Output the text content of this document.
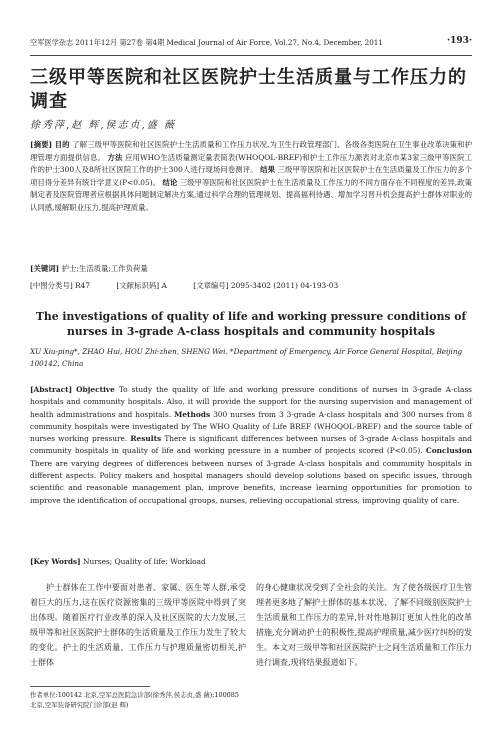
空军医学杂志 2011年12月 第27卷 第4期 Medical Journal of Air Force, Vol.27, No.4, December, 2011	·193·
三级甲等医院和社区医院护士生活质量与工作压力的调查
徐秀萍,赵 辉,侯志贞,盛 薇
[摘要] 目的 了解三级甲等医院和社区医院护士生活质量和工作压力状况,为卫生行政管理部门、各级各类医院在卫生事业改革决策和护理管理方面提供信息。 方法 应用WHO生活质量测定量表简表(WHOQOL-BREF)和护士工作压力源表对北京市某3家三级甲等医院工作的护士300人及8所社区医院工作的护士300人进行现场问卷测评。 结果 三级甲等医院和社区医院护士在生活质量及工作压力的多个项目得分差异有统计学意义(P<0.05)。 结论 三级甲等医院和社区医院护士在生活质量及工作压力的不同方面存在不同程度的差异,政策制定者及医院管理者应根据具体问题制定解决方案,通过科学合理的管理规划、提高福利待遇、增加学习晋升机会提高护士群体对职业的认同感,缓解职业压力,提高护理质量。
[关键词] 护士;生活质量;工作负荷量
[中图分类号] R47	[文献标识码] A	[文章编号] 2095-3402 (2011) 04-193-03
The investigations of quality of life and working pressure conditions of nurses in 3-grade A-class hospitals and community hospitals
XU Xiu-ping*, ZHAO Hui, HOU Zhi-zhen, SHENG Wei. *Department of Emergency, Air Force General Hospital, Beijing 100142, China
[Abstract] Objective To study the quality of life and working pressure conditions of nurses in 3-grade A-class hospitals and community hospitals. Also, it will provide the support for the nursing supervision and management of health administrations and hospitals. Methods 300 nurses from 3 3-grade A-class hospitals and 300 nurses from 8 community hospitals were investigated by The WHO Quality of Life BREF (WHOQOL-BREF) and the source table of nurses working pressure. Results There is significant differences between nurses of 3-grade A-class hospitals and community hospitals in quality of life and working pressure in a number of projects scored (P<0.05). Conclusion There are varying degrees of differences between nurses of 3-grade A-class hospitals and community hospitals in different aspects. Policy makers and hospital managers should develop solutions based on specific issues, through scientific and reasonable management plan, improve benefits, increase learning opportunities for promotion to improve the identification of occupational groups, nurses, relieving occupational stress, improving quality of care.
[Key Words] Nurses; Quality of life; Workload

护士群体在工作中要面对患者、家属、医生等人群,承受着巨大的压力,这在医疗资源密集的三级甲等医院中得到了突出体现。随着医疗行业改革的深入及社区医院的大力发展,三级甲等和社区医院护士群体的生活质量及工作压力发生了较大的变化。护士的生活质量、工作压力与护理质量密切相关,护士群体

的身心健康状况受到了全社会的关注。为了使各级医疗卫生管理者更多地了解护士群体的基本状况、了解不同级别医院护士生活质量和工作压力的差异,针对性地制订更加人性化的改革措施,充分调动护士的积极性,提高护理质量,减少医疗纠纷的发生。本文对三级甲等和社区医院护士之间生活质量和工作压力进行调查,现将结果报道如下。

作者单位:100142 北京,空军总医院急诊部(徐秀萍,侯志贞,盛 薇);100085 北京,空军装备研究院门诊部(赵 辉)
